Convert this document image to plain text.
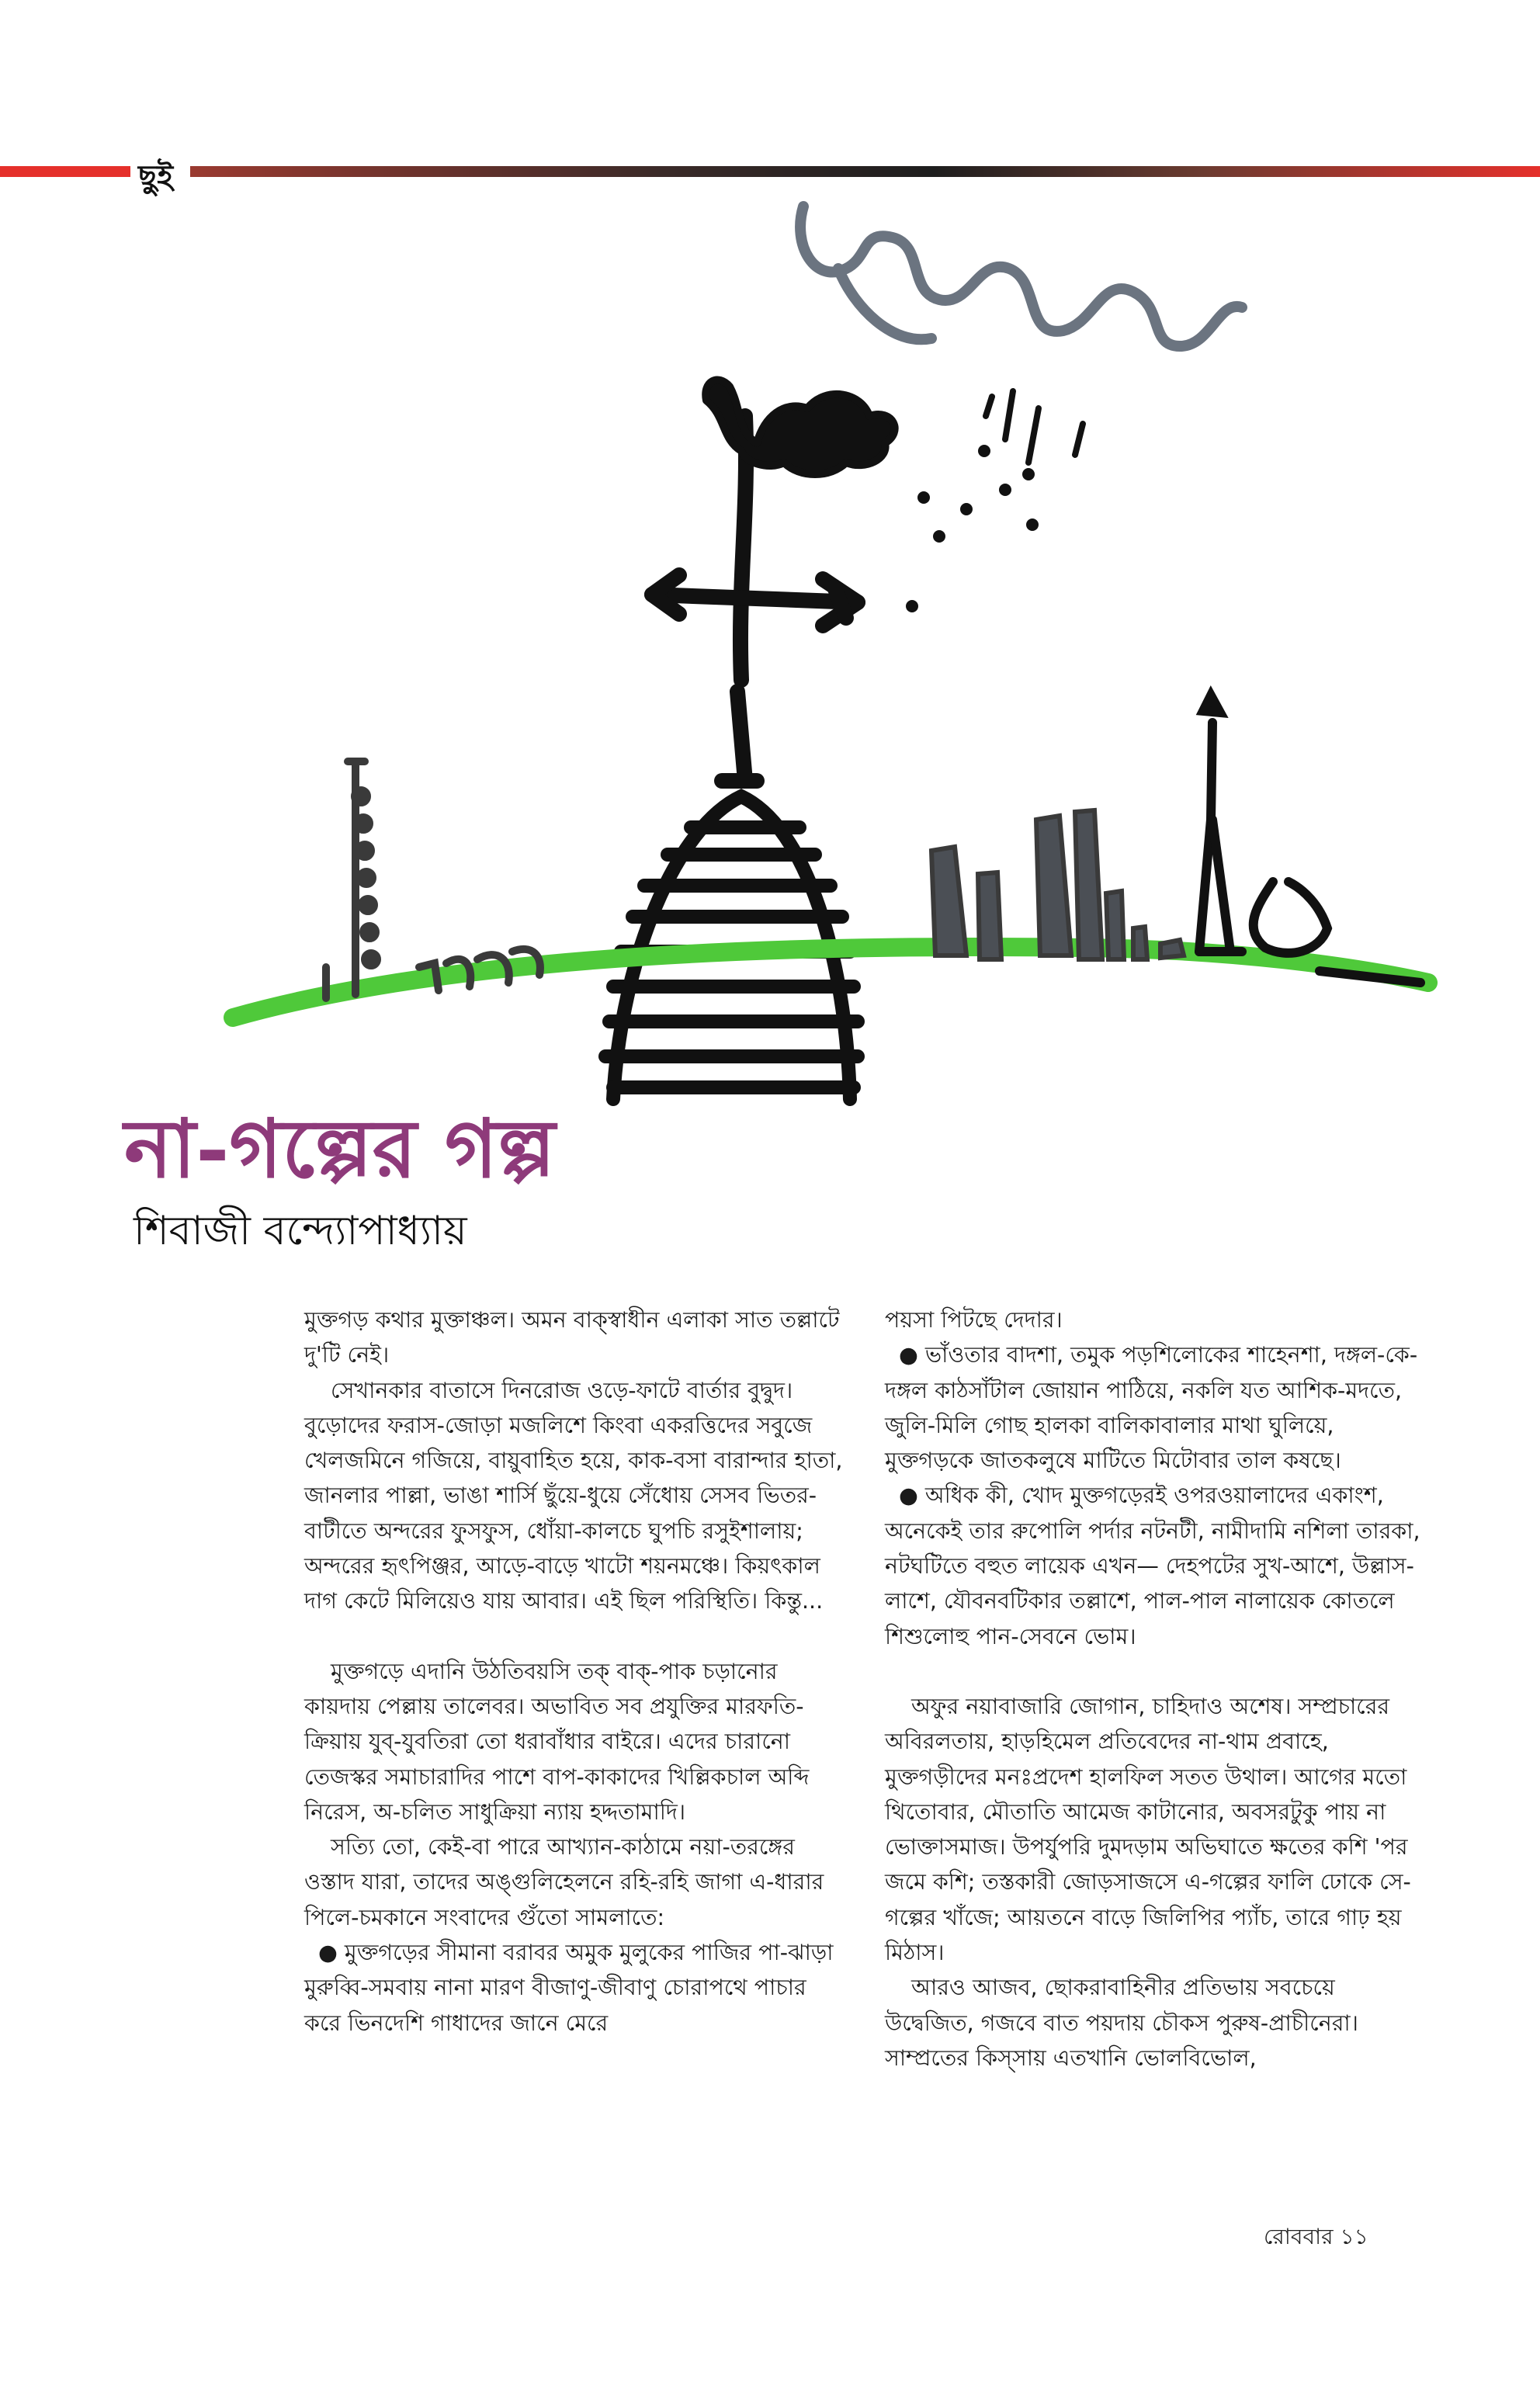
ছুই
না-গল্পের গল্প
শিবাজী বন্দ্যোপাধ্যায়

মুক্তগড় কথার মুক্তাঞ্চল। অমন বাক্স্বাধীন এলাকা সাত তল্লাটে দু'টি নেই।

সেখানকার বাতাসে দিনরোজ ওড়ে-ফাটে বার্তার বুদ্বুদ। বুড়োদের ফরাস-জোড়া মজলিশে কিংবা একরত্তিদের সবুজে খেলজমিনে গজিয়ে, বায়ুবাহিত হয়ে, কাক-বসা বারান্দার হাতা, জানলার পাল্লা, ভাঙা শার্সি ছুঁয়ে-ধুয়ে সেঁধোয় সেসব ভিতর-বাটীতে অন্দরের ফুসফুস, ধোঁয়া-কালচে ঘুপচি রসুইশালায়; অন্দরের হৃৎপিঞ্জর, আড়ে-বাড়ে খাটো শয়নমঞ্চে। কিয়ৎকাল দাগ কেটে মিলিয়েও যায় আবার। এই ছিল পরিস্থিতি। কিন্তু...

মুক্তগড়ে এদানি উঠতিবয়সি তক্ বাক্-পাক চড়ানোর কায়দায় পেল্লায় তালেবর। অভাবিত সব প্রযুক্তির মারফতি-ক্রিয়ায় যুব্-যুবতিরা তো ধরাবাঁধার বাইরে। এদের চারানো তেজস্কর সমাচারাদির পাশে বাপ-কাকাদের খিল্লিকচাল অব্দি নিরেস, অ-চলিত সাধুক্রিয়া ন্যায় হদ্দতামাদি।

সত্যি তো, কেই-বা পারে আখ্যান-কাঠামে নয়া-তরঙ্গের ওস্তাদ যারা, তাদের অঙ্গুলিহেলনে রহি-রহি জাগা এ-ধারার পিলে-চমকানে সংবাদের গুঁতো সামলাতে:

● মুক্তগড়ের সীমানা বরাবর অমুক মুলুকের পাজির পা-ঝাড়া মুরুব্বি-সমবায় নানা মারণ বীজাণু-জীবাণু চোরাপথে পাচার করে ভিনদেশি গাধাদের জানে মেরে

পয়সা পিটছে দেদার।

● ভাঁওতার বাদশা, তমুক পড়শিলোকের শাহেনশা, দঙ্গল-কে-দঙ্গল কাঠসাঁটাল জোয়ান পাঠিয়ে, নকলি যত আশিক-মদতে, জুলি-মিলি গোছ হালকা বালিকাবালার মাথা ঘুলিয়ে, মুক্তগড়কে জাতকলুষে মাটিতে মিটোবার তাল কষছে।

● অধিক কী, খোদ মুক্তগড়েরই ওপরওয়ালাদের একাংশ, অনেকেই তার রুপোলি পর্দার নটনটী, নামীদামি নশিলা তারকা, নটঘটিতে বহুত লায়েক এখন— দেহপটের সুখ-আশে, উল্লাস-লাশে, যৌবনবটিকার তল্লাশে, পাল-পাল নালায়েক কোতলে শিশুলোহু পান-সেবনে ভোম।

অফুর নয়াবাজারি জোগান, চাহিদাও অশেষ। সম্প্রচারের অবিরলতায়, হাড়হিমেল প্রতিবেদের না-থাম প্রবাহে, মুক্তগড়ীদের মনঃপ্রদেশ হালফিল সতত উথাল। আগের মতো থিতোবার, মৌতাতি আমেজ কাটানোর, অবসরটুকু পায় না ভোক্তাসমাজ। উপর্যুপরি দুমদড়াম অভিঘাতে ক্ষতের কশি 'পর জমে কশি; তস্তকারী জোড়সাজসে এ-গল্পের ফালি ঢোকে সে-গল্পের খাঁজে; আয়তনে বাড়ে জিলিপির প্যাঁচ, তারে গাঢ় হয় মিঠাস।

আরও আজব, ছোকরাবাহিনীর প্রতিভায় সবচেয়ে উদ্বেজিত, গজবে বাত পয়দায় চৌকস পুরুষ-প্রাচীনেরা। সাম্প্রতের কিস্সায় এতখানি ভোলবিভোল,

রোববার ১১
